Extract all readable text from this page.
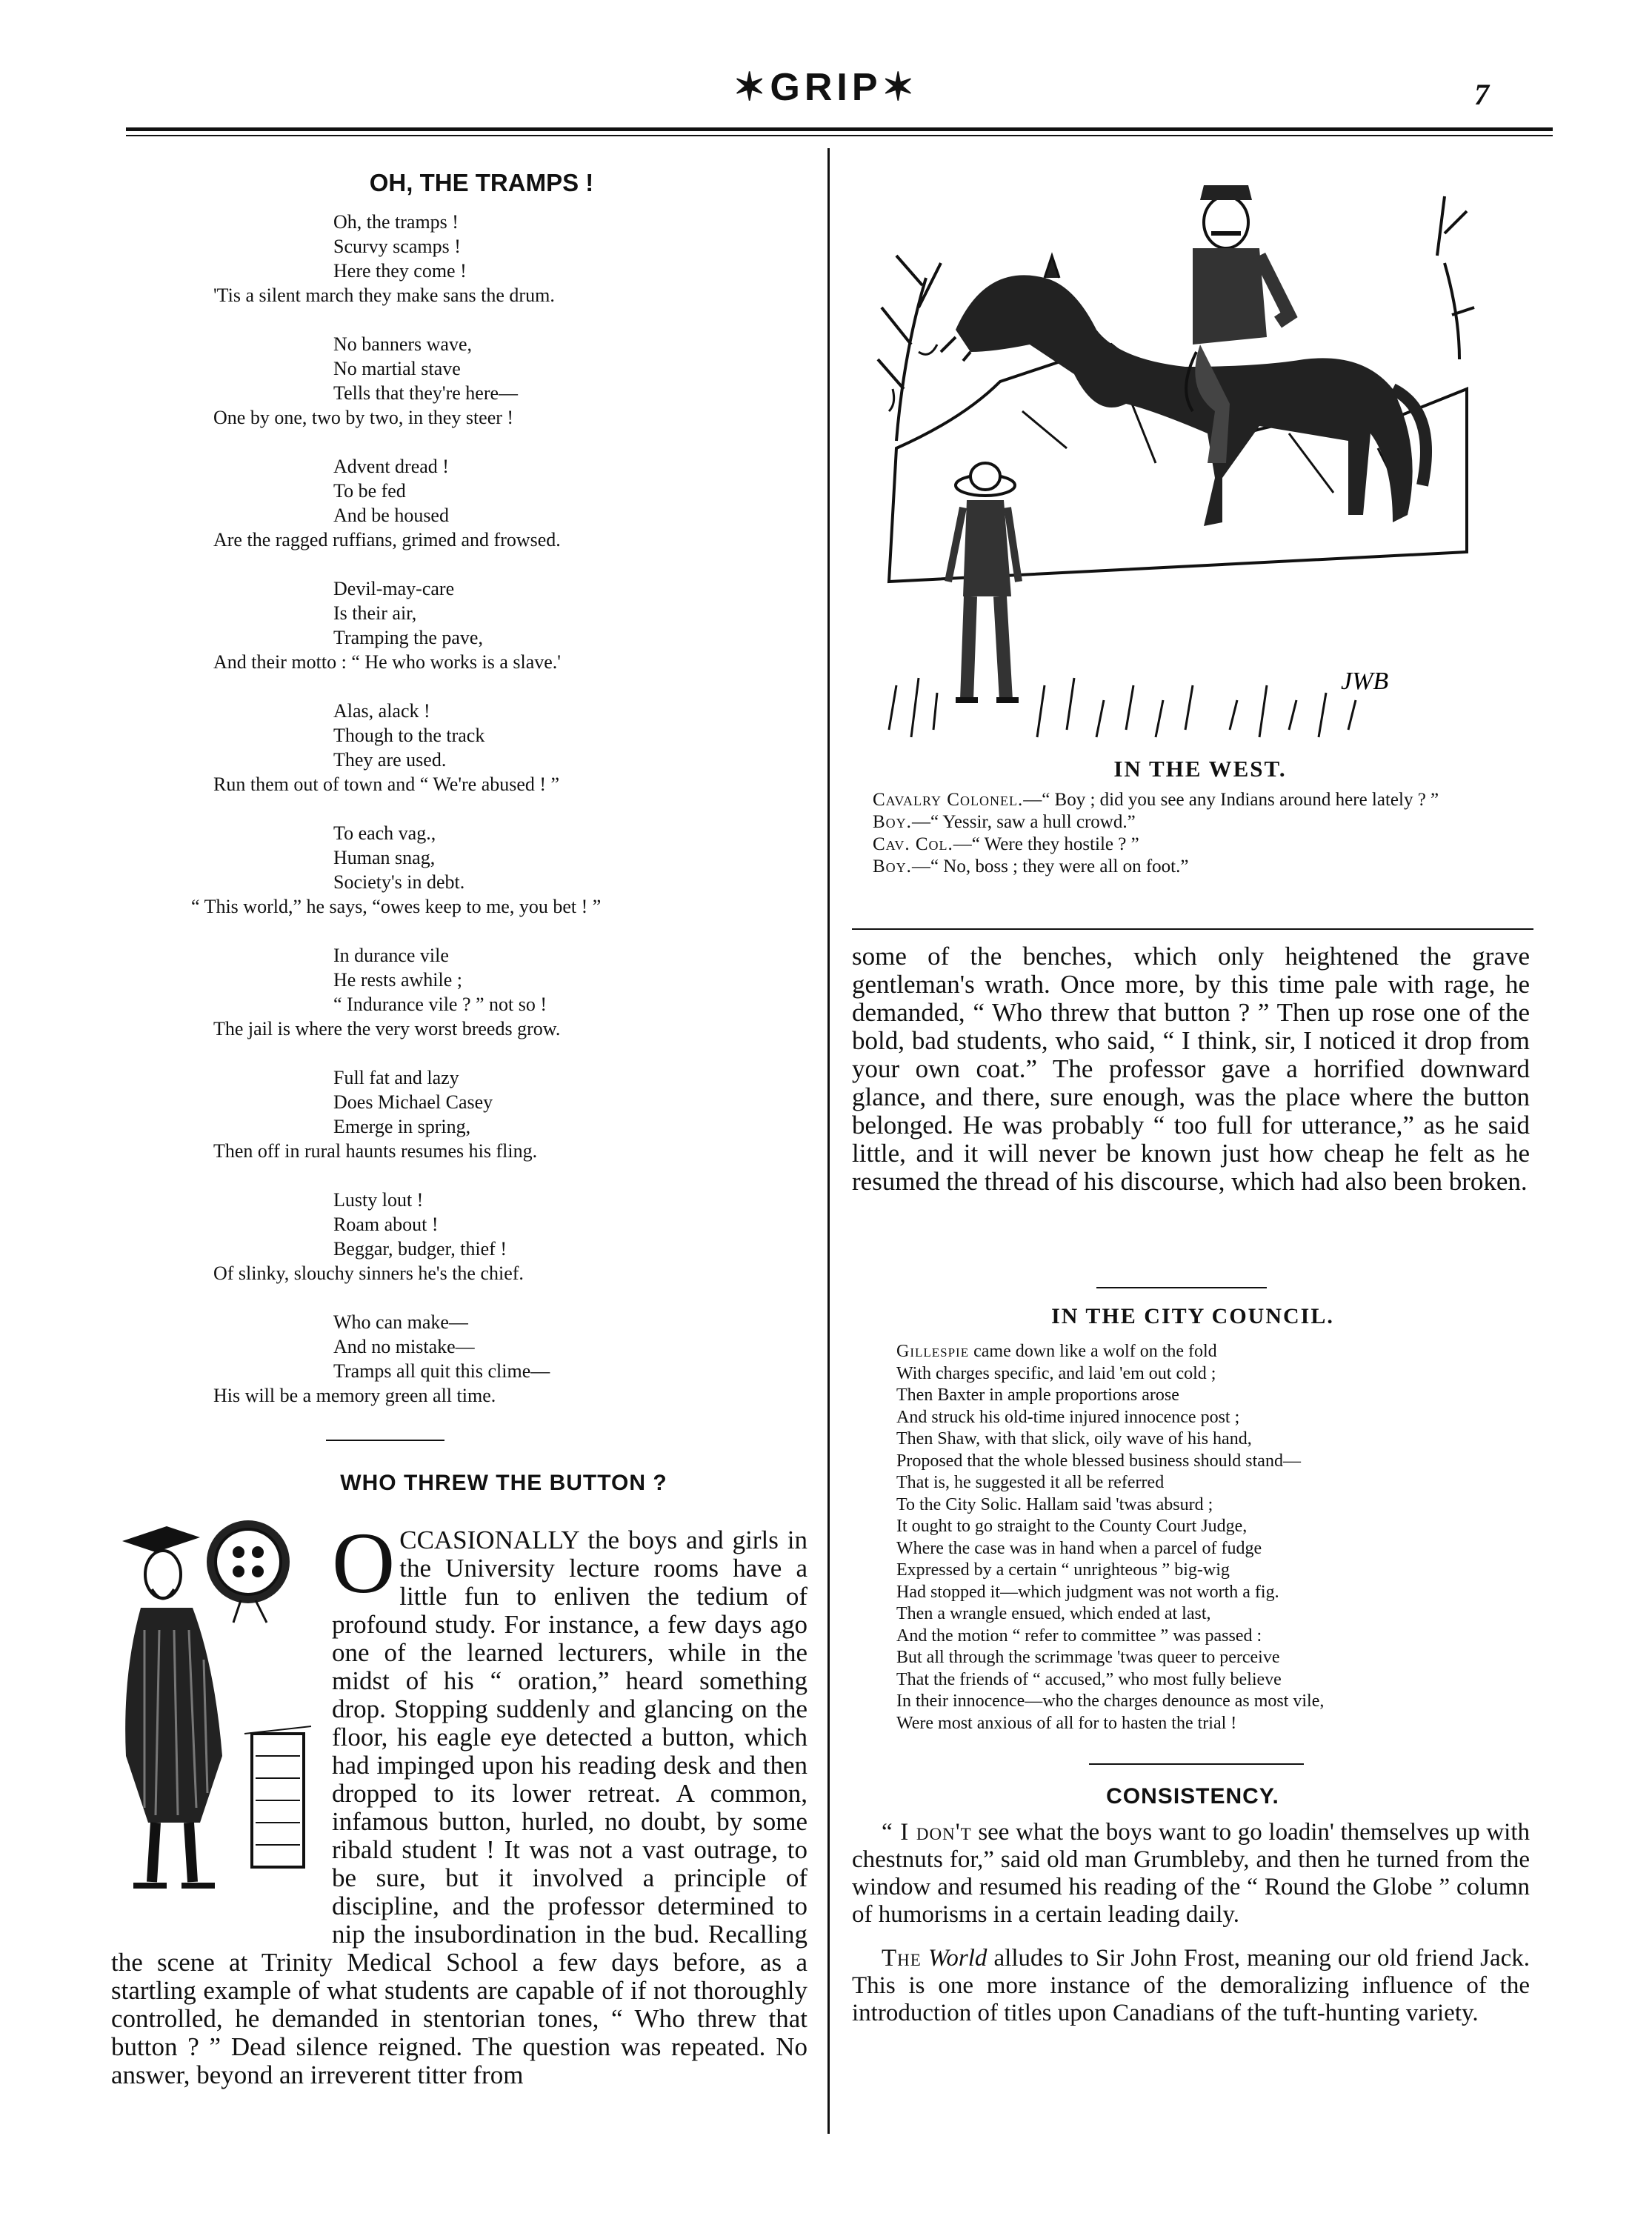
✶GRIP✶	7
OH, THE TRAMPS !
Oh, the tramps !
Scurvy scamps !
Here they come !
'Tis a silent march they make sans the drum.
No banners wave,
No martial stave
Tells that they're here—
One by one, two by two, in they steer !
Advent dread !
To be fed
And be housed
Are the ragged ruffians, grimed and frowsed.
Devil-may-care
Is their air,
Tramping the pave,
And their motto : “ He who works is a slave.'
Alas, alack !
Though to the track
They are used.
Run them out of town and “ We're abused ! ”
To each vag.,
Human snag,
Society's in debt.
“ This world,” he says, “owes keep to me, you bet ! ”
In durance vile
He rests awhile ;
“ Indurance vile ? ” not so !
The jail is where the very worst breeds grow.
Full fat and lazy
Does Michael Casey
Emerge in spring,
Then off in rural haunts resumes his fling.
Lusty lout !
Roam about !
Beggar, budger, thief !
Of slinky, slouchy sinners he's the chief.
Who can make—
And no mistake—
Tramps all quit this clime—
His will be a memory green all time.
WHO THREW THE BUTTON ?
O CCASIONALLY the boys and girls in the University lecture rooms have a little fun to enliven the tedium of profound study. For instance, a few days ago one of the learned lecturers, while in the midst of his “ oration,” heard something drop. Stopping suddenly and glancing on the floor, his eagle eye detected a button, which had impinged upon his reading desk and then dropped to its lower retreat. A common, infamous button, hurled, no doubt, by some ribald student ! It was not a vast outrage, to be sure, but it involved a principle of discipline, and the professor determined to nip the insubordination in the bud. Recalling the scene at Trinity Medical School a few days before, as a startling example of what students are capable of if not thoroughly controlled, he demanded in stentorian tones, “ Who threw that button ? ” Dead silence reigned. The question was repeated. No answer, beyond an irreverent titter from
JWB
IN THE WEST.
Cavalry Colonel.—“ Boy ; did you see any Indians around here lately ? ”
Boy.—“ Yessir, saw a hull crowd.”
Cav. Col.—“ Were they hostile ? ”
Boy.—“ No, boss ; they were all on foot.”

some of the benches, which only heightened the grave gentleman's wrath. Once more, by this time pale with rage, he demanded, “ Who threw that button ? ” Then up rose one of the bold, bad students, who said, “ I think, sir, I noticed it drop from your own coat.” The professor gave a horrified downward glance, and there, sure enough, was the place where the button belonged. He was probably “ too full for utterance,” as he said little, and it will never be known just how cheap he felt as he resumed the thread of his discourse, which had also been broken.

IN THE CITY COUNCIL.
Gillespie came down like a wolf on the fold
With charges specific, and laid 'em out cold ;
Then Baxter in ample proportions arose
And struck his old-time injured innocence post ;
Then Shaw, with that slick, oily wave of his hand,
Proposed that the whole blessed business should stand—
That is, he suggested it all be referred
To the City Solic. Hallam said 'twas absurd ;
It ought to go straight to the County Court Judge,
Where the case was in hand when a parcel of fudge
Expressed by a certain “ unrighteous ” big-wig
Had stopped it—which judgment was not worth a fig.
Then a wrangle ensued, which ended at last,
And the motion “ refer to committee ” was passed :
But all through the scrimmage 'twas queer to perceive
That the friends of “ accused,” who most fully believe
In their innocence—who the charges denounce as most vile,
Were most anxious of all for to hasten the trial !
CONSISTENCY.

“ I don't see what the boys want to go loadin' themselves up with chestnuts for,” said old man Grumbleby, and then he turned from the window and resumed his reading of the “ Round the Globe ” column of humorisms in a certain leading daily.

The World alludes to Sir John Frost, meaning our old friend Jack. This is one more instance of the demoralizing influence of the introduction of titles upon Canadians of the tuft-hunting variety.
